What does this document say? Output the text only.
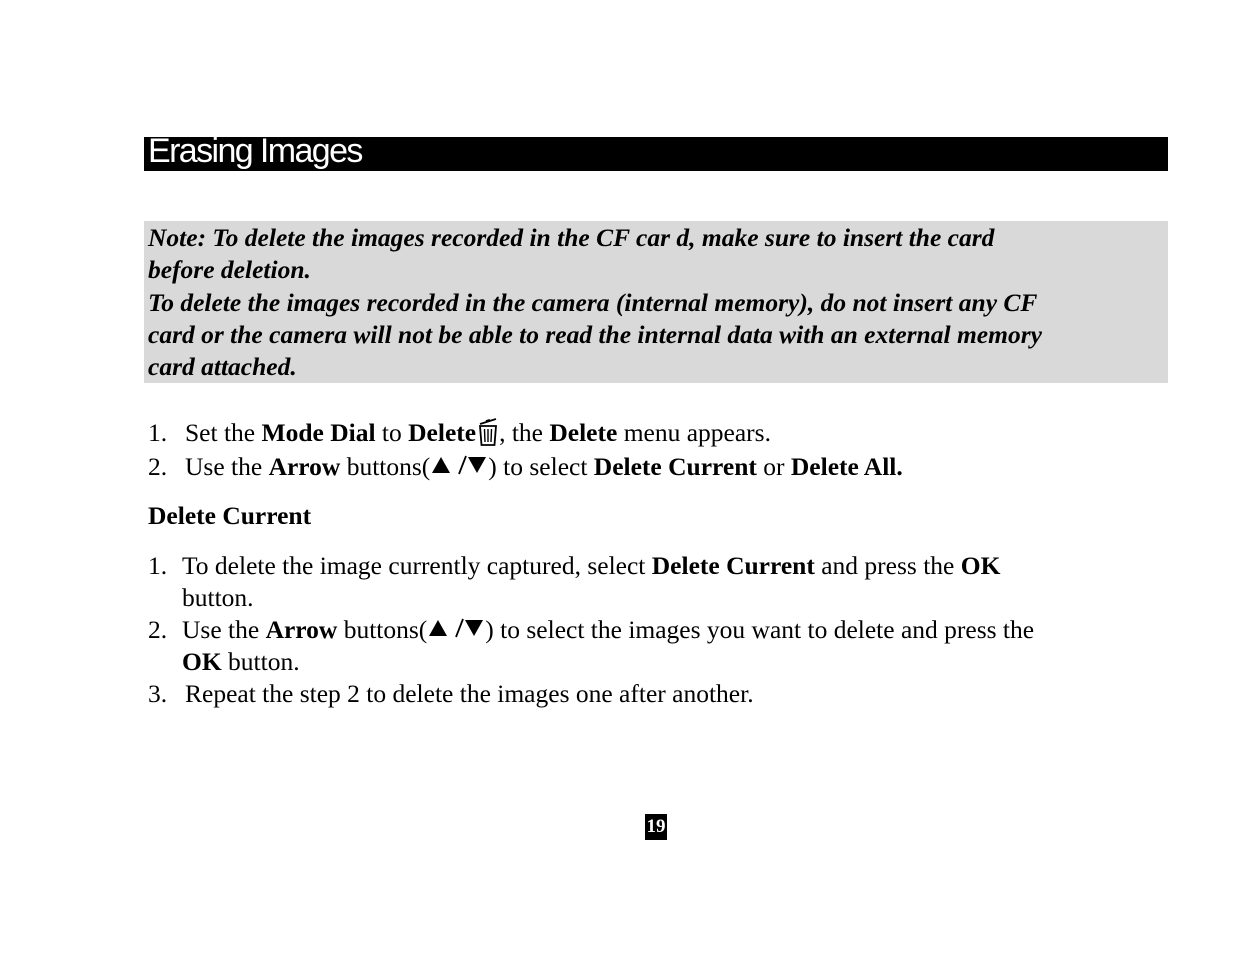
Erasing Images
Note: To delete the images recorded in the CF car d, make sure to insert the card
before deletion.
To delete the images recorded in the camera (internal memory), do not insert any CF
card or the camera will not be able to read the internal data with an external memory
card attached.
1. Set the Mode Dial to Delete , the Delete menu appears.
2. Use the Arrow buttons( ) to select Delete Current or Delete All.
Delete Current
1. To delete the image currently captured, select Delete Current and press the OK
button.
2. Use the Arrow buttons( ) to select the images you want to delete and press the
OK button.
3. Repeat the step 2 to delete the images one after another.
19
